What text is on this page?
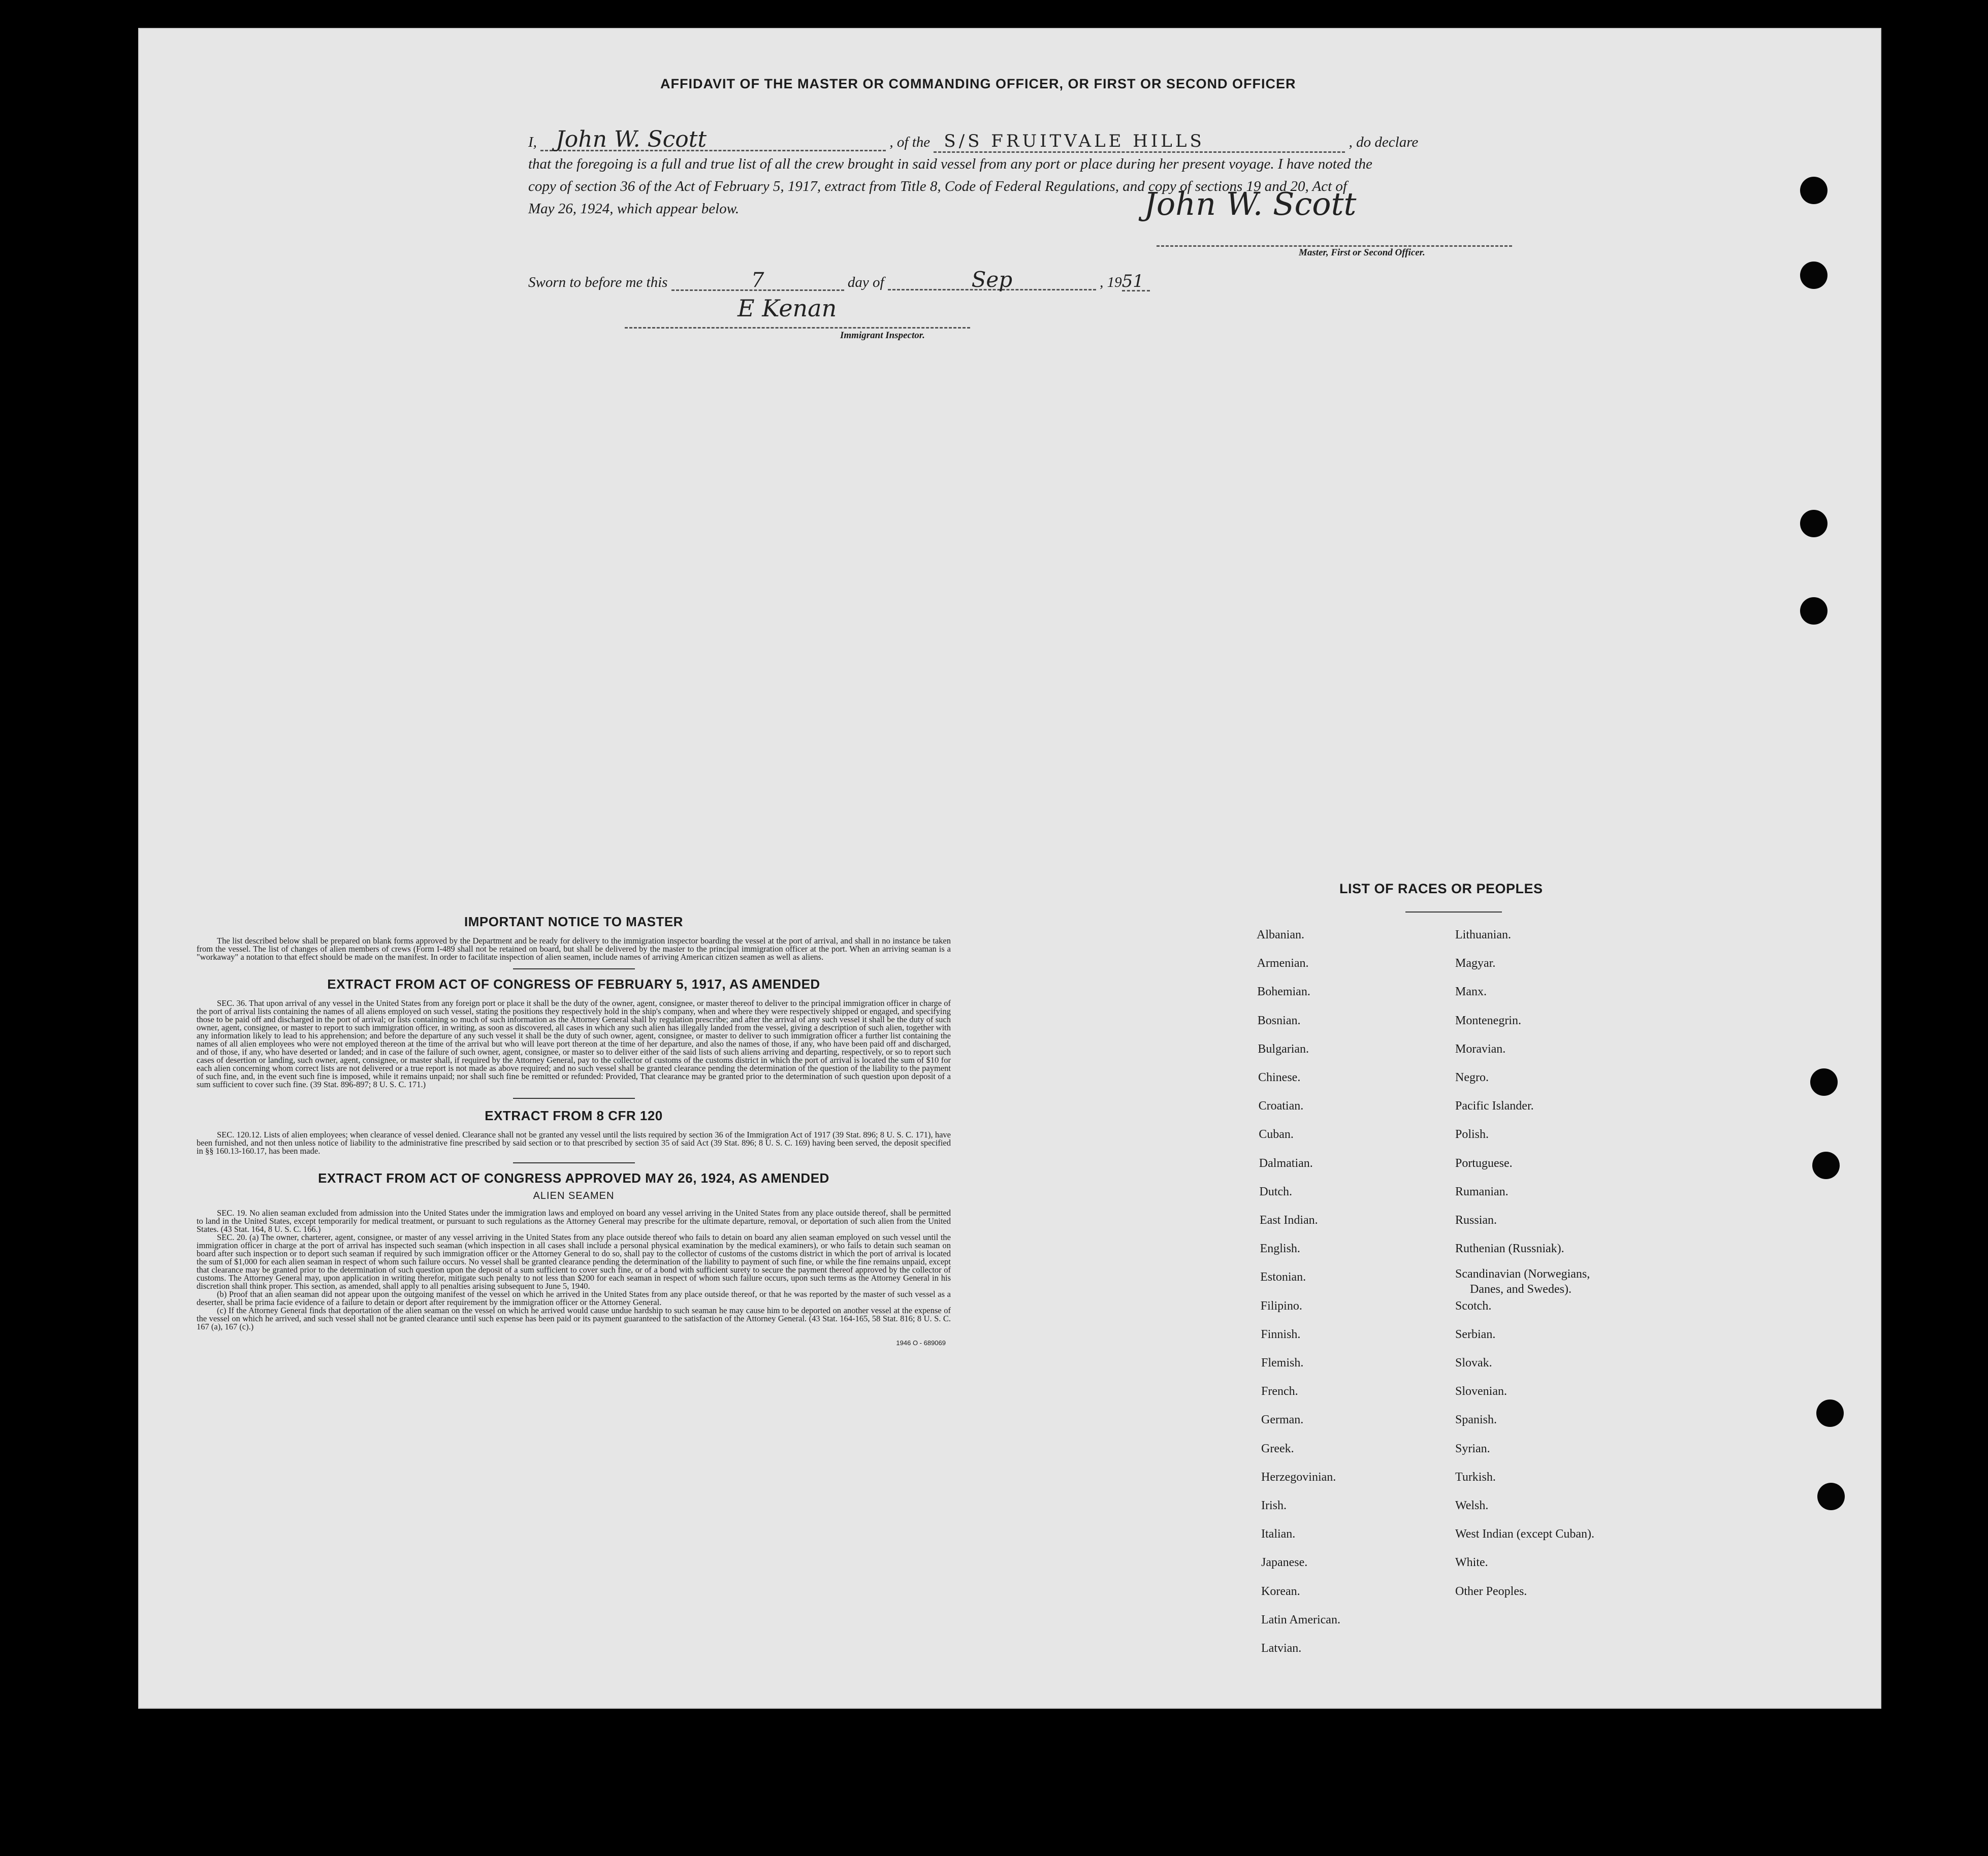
AFFIDAVIT OF THE MASTER OR COMMANDING OFFICER, OR FIRST OR SECOND OFFICER
I, John W. Scott	, of the S/S FRUITVALE HILLS	, do declare
that the foregoing is a full and true list of all the crew brought in said vessel from any port or place during her present voyage. I have noted the
copy of section 36 of the Act of February 5, 1917, extract from Title 8, Code of Federal Regulations, and copy of sections 19 and 20, Act of
May 26, 1924, which appear below.	John W. Scott
Master, First or Second Officer.
Sworn to before me this	7	day of	Sep	, 1951
E Kenan
Immigrant Inspector.
IMPORTANT NOTICE TO MASTER
The list described below shall be prepared on blank forms approved by the Department and be ready for delivery to the immigration inspector boarding the vessel at the port of arrival, and shall in no instance be taken from the vessel. The list of changes of alien members of crews (Form I-489 shall not be retained on board, but shall be delivered by the master to the principal immigration officer at the port. When an arriving seaman is a "workaway" a notation to that effect should be made on the manifest. In order to facilitate inspection of alien seamen, include names of arriving American citizen seamen as well as aliens.
EXTRACT FROM ACT OF CONGRESS OF FEBRUARY 5, 1917, AS AMENDED
SEC. 36. That upon arrival of any vessel in the United States from any foreign port or place it shall be the duty of the owner, agent, consignee, or master thereof to deliver to the principal immigration officer in charge of the port of arrival lists containing the names of all aliens employed on such vessel, stating the positions they respectively hold in the ship's company, when and where they were respectively shipped or engaged, and specifying those to be paid off and discharged in the port of arrival; or lists containing so much of such information as the Attorney General shall by regulation prescribe; and after the arrival of any such vessel it shall be the duty of such owner, agent, consignee, or master to report to such immigration officer, in writing, as soon as discovered, all cases in which any such alien has illegally landed from the vessel, giving a description of such alien, together with any information likely to lead to his apprehension; and before the departure of any such vessel it shall be the duty of such owner, agent, consignee, or master to deliver to such immigration officer a further list containing the names of all alien employees who were not employed thereon at the time of the arrival but who will leave port thereon at the time of her departure, and also the names of those, if any, who have been paid off and discharged, and of those, if any, who have deserted or landed; and in case of the failure of such owner, agent, consignee, or master so to deliver either of the said lists of such aliens arriving and departing, respectively, or so to report such cases of desertion or landing, such owner, agent, consignee, or master shall, if required by the Attorney General, pay to the collector of customs of the customs district in which the port of arrival is located the sum of $10 for each alien concerning whom correct lists are not delivered or a true report is not made as above required; and no such vessel shall be granted clearance pending the determination of the question of the liability to the payment of such fine, and, in the event such fine is imposed, while it remains unpaid; nor shall such fine be remitted or refunded: Provided, That clearance may be granted prior to the determination of such question upon deposit of a sum sufficient to cover such fine. (39 Stat. 896-897; 8 U. S. C. 171.)
EXTRACT FROM 8 CFR 120
SEC. 120.12. Lists of alien employees; when clearance of vessel denied. Clearance shall not be granted any vessel until the lists required by section 36 of the Immigration Act of 1917 (39 Stat. 896; 8 U. S. C. 171), have been furnished, and not then unless notice of liability to the administrative fine prescribed by said section or to that prescribed by section 35 of said Act (39 Stat. 896; 8 U. S. C. 169) having been served, the deposit specified in §§ 160.13-160.17, has been made.
EXTRACT FROM ACT OF CONGRESS APPROVED MAY 26, 1924, AS AMENDED
ALIEN SEAMEN
SEC. 19. No alien seaman excluded from admission into the United States under the immigration laws and employed on board any vessel arriving in the United States from any place outside thereof, shall be permitted to land in the United States, except temporarily for medical treatment, or pursuant to such regulations as the Attorney General may prescribe for the ultimate departure, removal, or deportation of such alien from the United States. (43 Stat. 164, 8 U. S. C. 166.)
SEC. 20. (a) The owner, charterer, agent, consignee, or master of any vessel arriving in the United States from any place outside thereof who fails to detain on board any alien seaman employed on such vessel until the immigration officer in charge at the port of arrival has inspected such seaman (which inspection in all cases shall include a personal physical examination by the medical examiners), or who fails to detain such seaman on board after such inspection or to deport such seaman if required by such immigration officer or the Attorney General to do so, shall pay to the collector of customs of the customs district in which the port of arrival is located the sum of $1,000 for each alien seaman in respect of whom such failure occurs. No vessel shall be granted clearance pending the determination of the liability to payment of such fine, or while the fine remains unpaid, except that clearance may be granted prior to the determination of such question upon the deposit of a sum sufficient to cover such fine, or of a bond with sufficient surety to secure the payment thereof approved by the collector of customs. The Attorney General may, upon application in writing therefor, mitigate such penalty to not less than $200 for each seaman in respect of whom such failure occurs, upon such terms as the Attorney General in his discretion shall think proper. This section, as amended, shall apply to all penalties arising subsequent to June 5, 1940.
(b) Proof that an alien seaman did not appear upon the outgoing manifest of the vessel on which he arrived in the United States from any place outside thereof, or that he was reported by the master of such vessel as a deserter, shall be prima facie evidence of a failure to detain or deport after requirement by the immigration officer or the Attorney General.
(c) If the Attorney General finds that deportation of the alien seaman on the vessel on which he arrived would cause undue hardship to such seaman he may cause him to be deported on another vessel at the expense of the vessel on which he arrived, and such vessel shall not be granted clearance until such expense has been paid or its payment guaranteed to the satisfaction of the Attorney General. (43 Stat. 164-165, 58 Stat. 816; 8 U. S. C. 167 (a), 167 (c).)
1946 O - 689069
LIST OF RACES OR PEOPLES
Albanian.
Armenian.
Bohemian.
Bosnian.
Bulgarian.
Chinese.
Croatian.
Cuban.
Dalmatian.
Dutch.
East Indian.
English.
Estonian.
Filipino.
Finnish.
Flemish.
French.
German.
Greek.
Herzegovinian.
Irish.
Italian.
Japanese.
Korean.
Latin American.
Latvian.
Lithuanian.
Magyar.
Manx.
Montenegrin.
Moravian.
Negro.
Pacific Islander.
Polish.
Portuguese.
Rumanian.
Russian.
Ruthenian (Russniak).
Scandinavian (Norwegians,
Danes, and Swedes).
Scotch.
Serbian.
Slovak.
Slovenian.
Spanish.
Syrian.
Turkish.
Welsh.
West Indian (except Cuban).
White.
Other Peoples.
